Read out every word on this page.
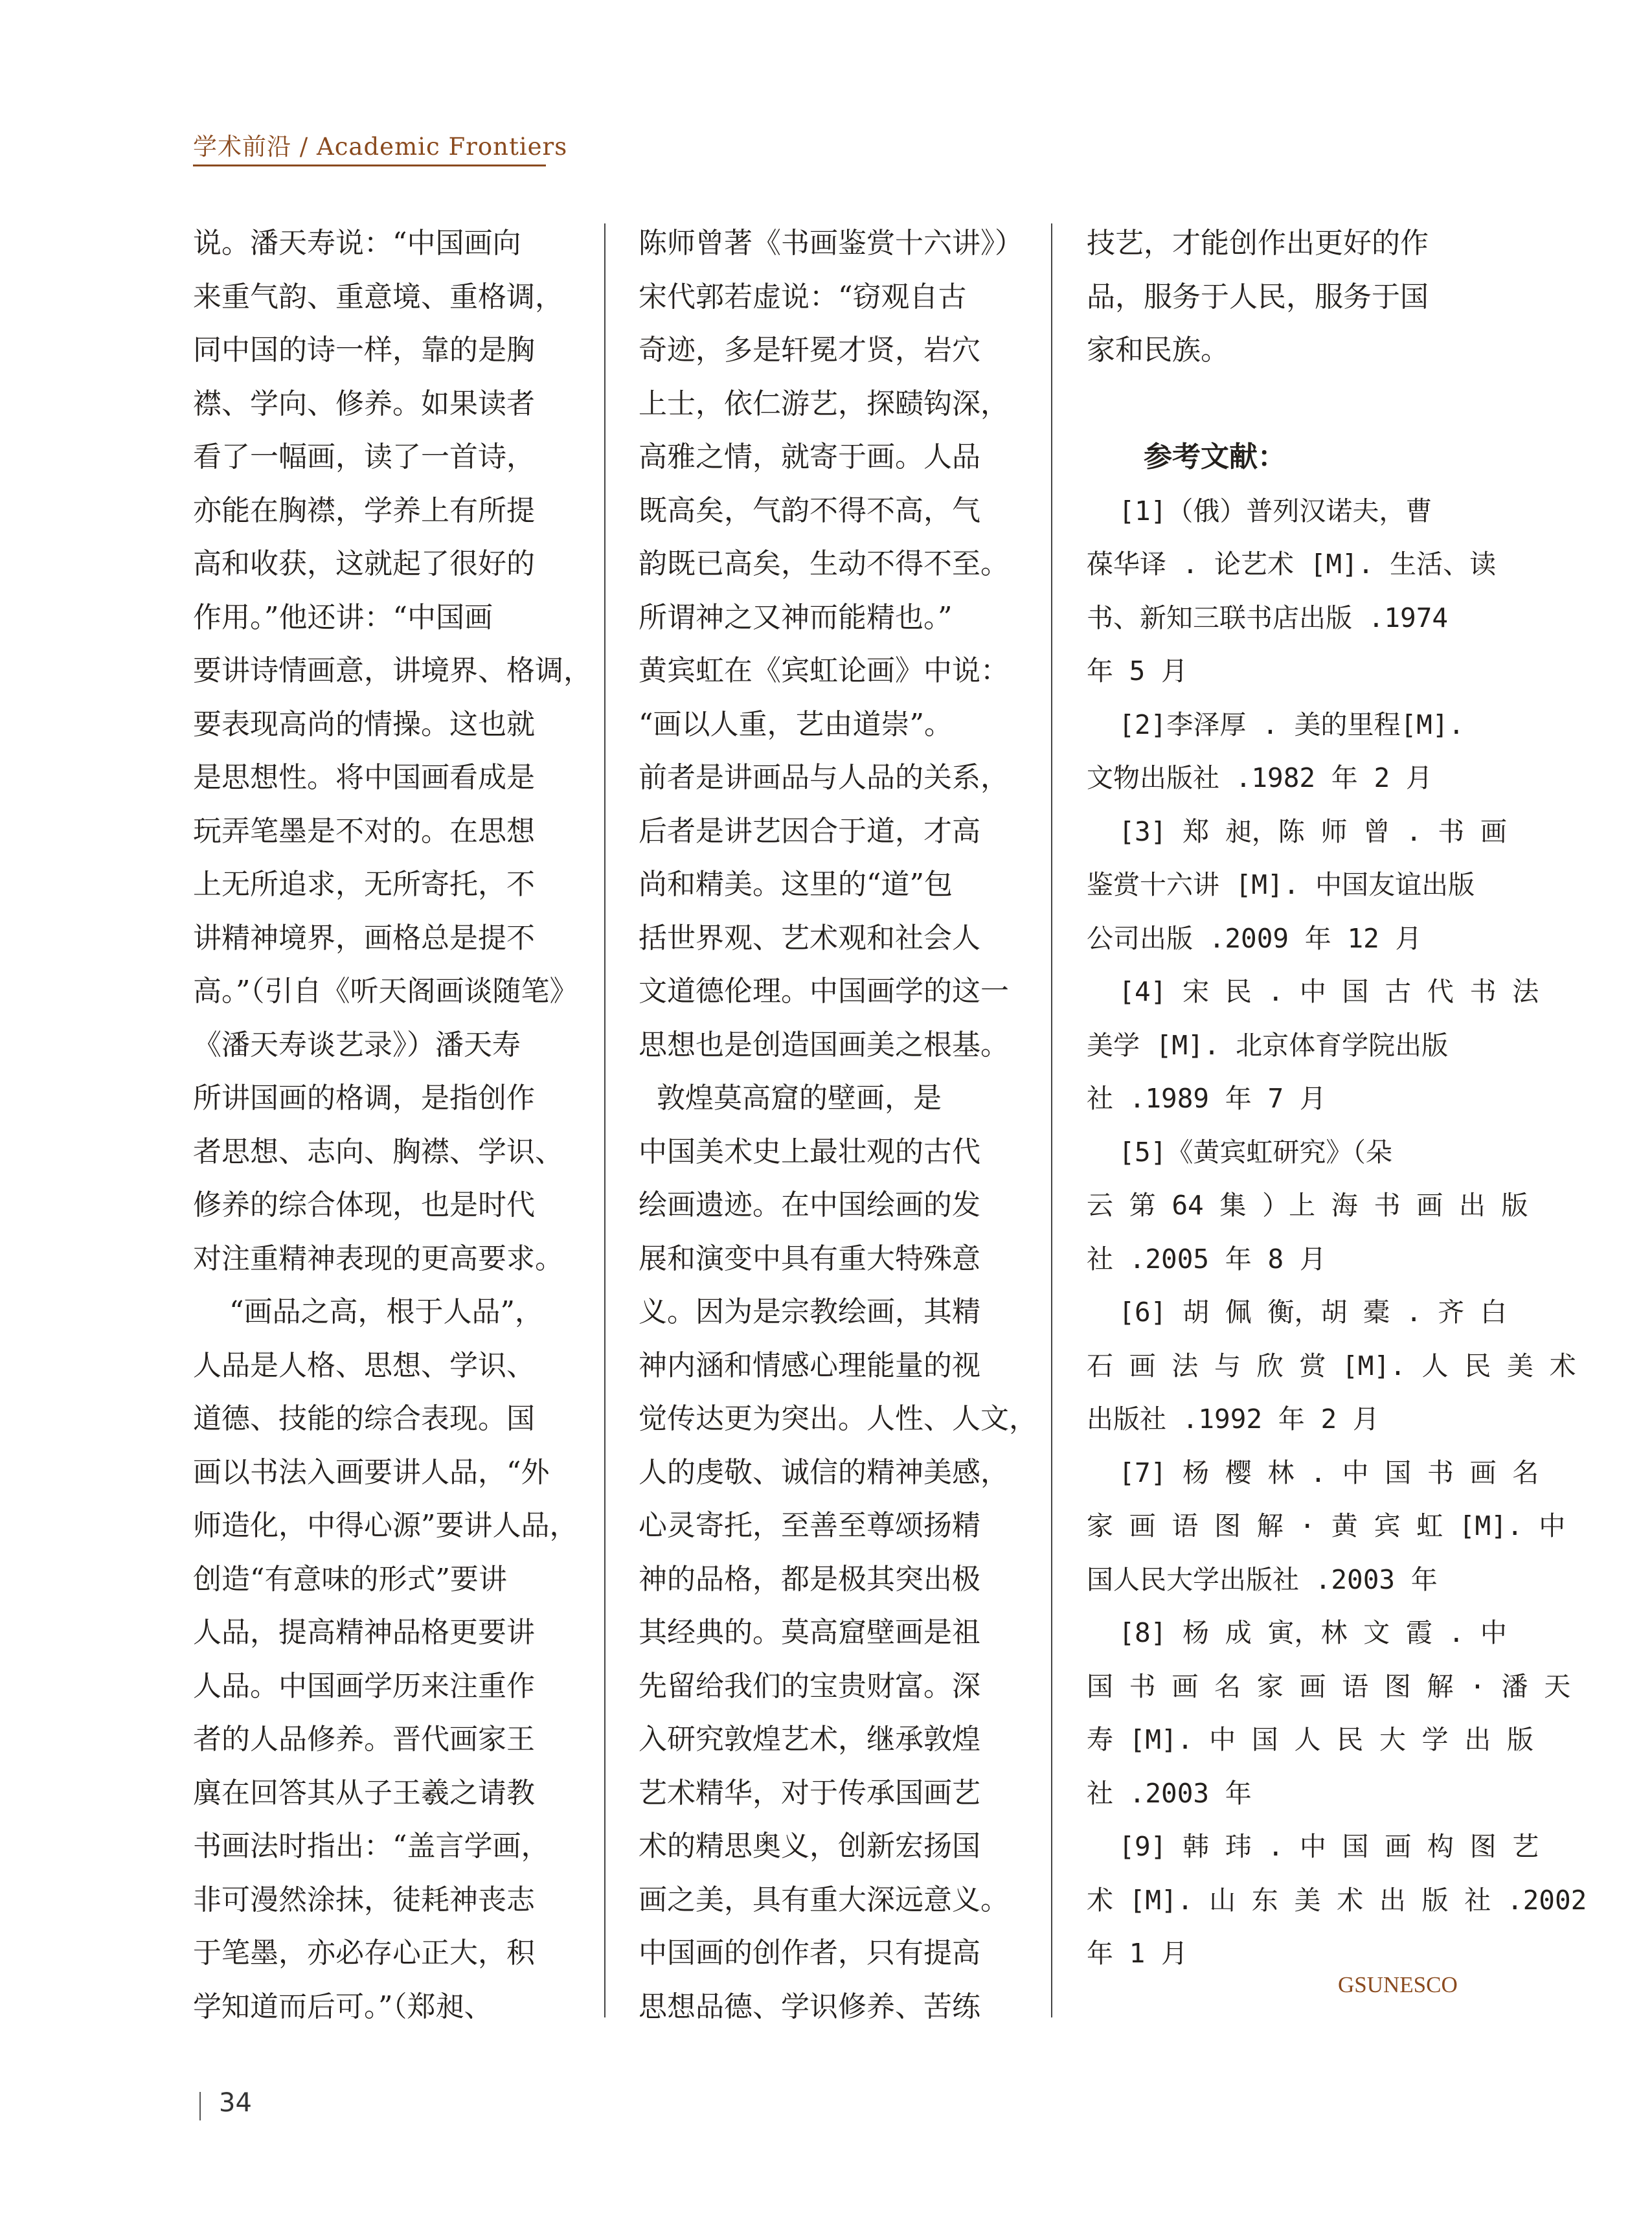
学术前沿 / Academic Frontiers

说。潘天寿说：“中国画向

来重气韵、重意境、重格调，

同中国的诗一样，靠的是胸

襟、学向、修养。如果读者

看了一幅画，读了一首诗，

亦能在胸襟，学养上有所提

高和收获，这就起了很好的

作用。”他还讲：“中国画

要讲诗情画意，讲境界、格调，

要表现高尚的情操。这也就

是思想性。将中国画看成是

玩弄笔墨是不对的。在思想

上无所追求，无所寄托，不

讲精神境界，画格总是提不

高。”（引自《听天阁画谈随笔》

《潘天寿谈艺录》）潘天寿

所讲国画的格调，是指创作

者思想、志向、胸襟、学识、

修养的综合体现，也是时代

对注重精神表现的更高要求。

“画品之高，根于人品”，

人品是人格、思想、学识、

道德、技能的综合表现。国

画以书法入画要讲人品，“外

师造化，中得心源”要讲人品，

创造“有意味的形式”要讲

人品，提高精神品格更要讲

人品。中国画学历来注重作

者的人品修养。晋代画家王

廙在回答其从子王羲之请教

书画法时指出：“盖言学画，

非可漫然涂抹，徒耗神丧志

于笔墨，亦必存心正大，积

学知道而后可。”（郑昶、

陈师曾著《书画鉴赏十六讲》）

宋代郭若虚说：“窃观自古

奇迹，多是轩冕才贤，岩穴

上士，依仁游艺，探赜钩深，

高雅之情，就寄于画。人品

既高矣，气韵不得不高，气

韵既已高矣，生动不得不至。

所谓神之又神而能精也。”

黄宾虹在《宾虹论画》中说：

“画以人重，艺由道崇”。

前者是讲画品与人品的关系，

后者是讲艺因合于道，才高

尚和精美。这里的“道”包

括世界观、艺术观和社会人

文道德伦理。中国画学的这一

思想也是创造国画美之根基。

敦煌莫高窟的壁画，是

中国美术史上最壮观的古代

绘画遗迹。在中国绘画的发

展和演变中具有重大特殊意

义。因为是宗教绘画，其精

神内涵和情感心理能量的视

觉传达更为突出。人性、人文，

人的虔敬、诚信的精神美感，

心灵寄托，至善至尊颂扬精

神的品格，都是极其突出极

其经典的。莫高窟壁画是祖

先留给我们的宝贵财富。深

入研究敦煌艺术，继承敦煌

艺术精华，对于传承国画艺

术的精思奥义，创新宏扬国

画之美，具有重大深远意义。

中国画的创作者，只有提高

思想品德、学识修养、苦练

技艺，才能创作出更好的作

品，服务于人民，服务于国

家和民族。

参考文献：

[1]（俄）普列汉诺夫，曹

葆华译 . 论艺术 [M]. 生活、读

书、新知三联书店出版 .1974

年 5 月

[2]李泽厚 . 美的里程[M].

文物出版社 .1982 年 2 月

[3] 郑 昶，陈 师 曾 . 书 画

鉴赏十六讲 [M]. 中国友谊出版

公司出版 .2009 年 12 月

[4] 宋 民 . 中 国 古 代 书 法

美学 [M]. 北京体育学院出版

社 .1989 年 7 月

[5]《黄宾虹研究》（朵

云 第 64 集 ）上 海 书 画 出 版

社 .2005 年 8 月

[6] 胡 佩 衡，胡 橐 . 齐 白

石 画 法 与 欣 赏 [M]. 人 民 美 术

出版社 .1992 年 2 月

[7] 杨 樱 林 . 中 国 书 画 名

家 画 语 图 解 · 黄 宾 虹 [M]. 中

国人民大学出版社 .2003 年

[8] 杨 成 寅，林 文 霞 . 中

国 书 画 名 家 画 语 图 解 · 潘 天

寿 [M]. 中 国 人 民 大 学 出 版

社 .2003 年

[9] 韩 玮 . 中 国 画 构 图 艺

术 [M]. 山 东 美 术 出 版 社 .2002

年 1 月

GSUNESCO
34
